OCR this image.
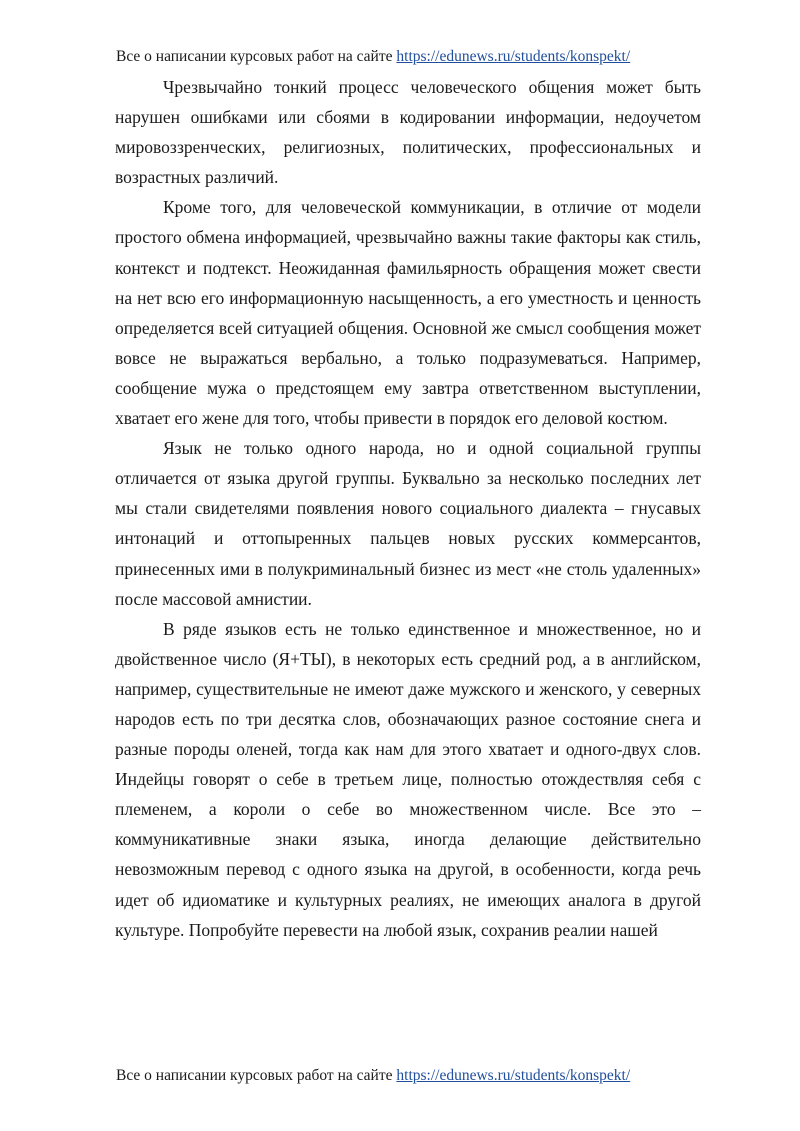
Все о написании курсовых работ на сайте https://edunews.ru/students/konspekt/

Чрезвычайно тонкий процесс человеческого общения может быть нарушен ошибками или сбоями в кодировании информации, недоучетом мировоззренческих, религиозных, политических, профессиональных и возрастных различий.

Кроме того, для человеческой коммуникации, в отличие от модели простого обмена информацией, чрезвычайно важны такие факторы как стиль, контекст и подтекст. Неожиданная фамильярность обращения может свести на нет всю его информационную насыщенность, а его уместность и ценность определяется всей ситуацией общения. Основной же смысл сообщения может вовсе не выражаться вербально, а только подразумеваться. Например, сообщение мужа о предстоящем ему завтра ответственном выступлении, хватает его жене для того, чтобы привести в порядок его деловой костюм.

Язык не только одного народа, но и одной социальной группы отличается от языка другой группы. Буквально за несколько последних лет мы стали свидетелями появления нового социального диалекта – гнусавых интонаций и оттопыренных пальцев новых русских коммерсантов, принесенных ими в полукриминальный бизнес из мест «не столь удаленных» после массовой амнистии.

В ряде языков есть не только единственное и множественное, но и двойственное число (Я+ТЫ), в некоторых есть средний род, а в английском, например, существительные не имеют даже мужского и женского, у северных народов есть по три десятка слов, обозначающих разное состояние снега и разные породы оленей, тогда как нам для этого хватает и одного-двух слов. Индейцы говорят о себе в третьем лице, полностью отождествляя себя с племенем, а короли о себе во множественном числе. Все это – коммуникативные знаки языка, иногда делающие действительно невозможным перевод с одного языка на другой, в особенности, когда речь идет об идиоматике и культурных реалиях, не имеющих аналога в другой культуре. Попробуйте перевести на любой язык, сохранив реалии нашей

Все о написании курсовых работ на сайте https://edunews.ru/students/konspekt/
